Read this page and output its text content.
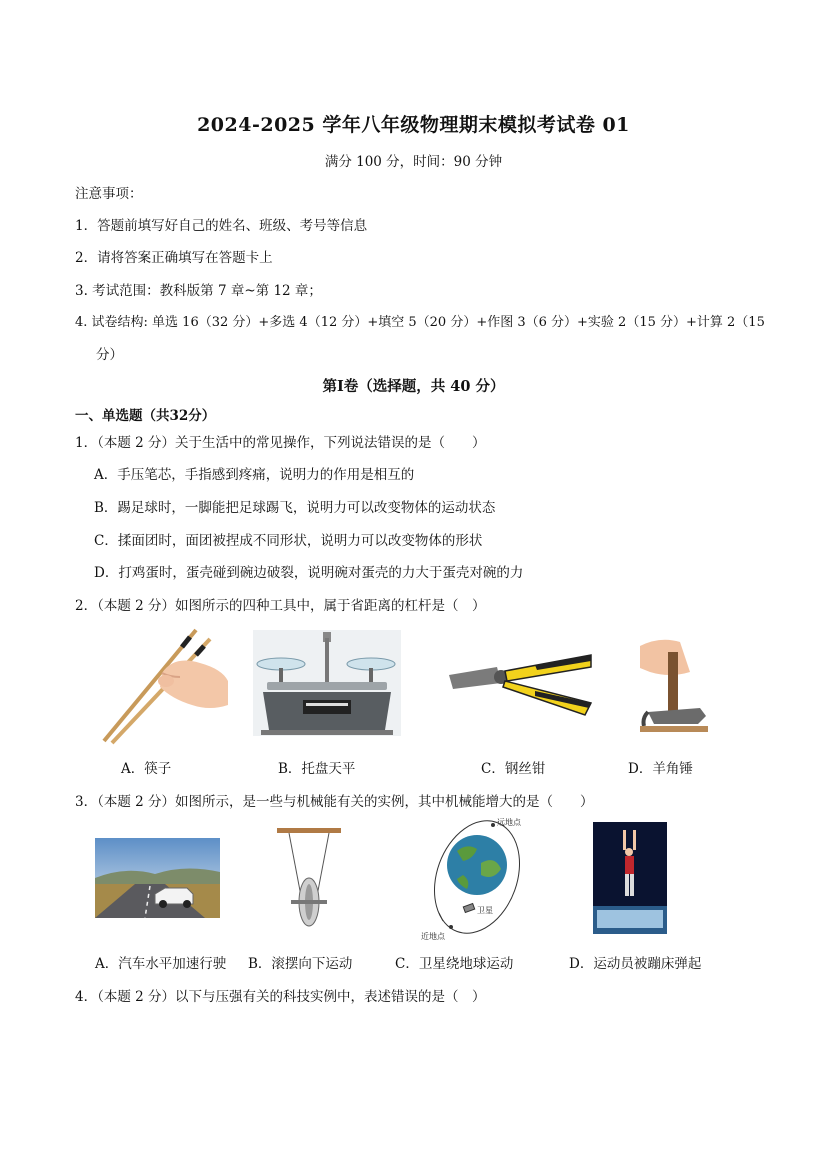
2024-2025 学年八年级物理期末模拟考试卷 01
满分 100 分，时间：90 分钟
注意事项：
1．答题前填写好自己的姓名、班级、考号等信息
2．请将答案正确填写在答题卡上
3. 考试范围：教科版第 7 章~第 12 章；
4. 试卷结构: 单选 16（32 分）+多选 4（12 分）+填空 5（20 分）+作图 3（6 分）+实验 2（15 分）+计算 2（15
分）
第Ⅰ卷（选择题，共 40 分）
一、单选题（共32分）
1．（本题 2 分）关于生活中的常见操作，下列说法错误的是（　　）
A．手压笔芯，手指感到疼痛，说明力的作用是相互的
B．踢足球时，一脚能把足球踢飞，说明力可以改变物体的运动状态
C．揉面团时，面团被捏成不同形状，说明力可以改变物体的形状
D．打鸡蛋时，蛋壳碰到碗边破裂，说明碗对蛋壳的力大于蛋壳对碗的力
2．（本题 2 分）如图所示的四种工具中，属于省距离的杠杆是（　）
A．筷子	B．托盘天平	C．钢丝钳	D．羊角锤
3．（本题 2 分）如图所示，是一些与机械能有关的实例，其中机械能增大的是（　　）
远地点
卫星
近地点
A．汽车水平加速行驶 B．滚摆向下运动	C．卫星绕地球运动	D．运动员被蹦床弹起
4．（本题 2 分）以下与压强有关的科技实例中，表述错误的是（　）
